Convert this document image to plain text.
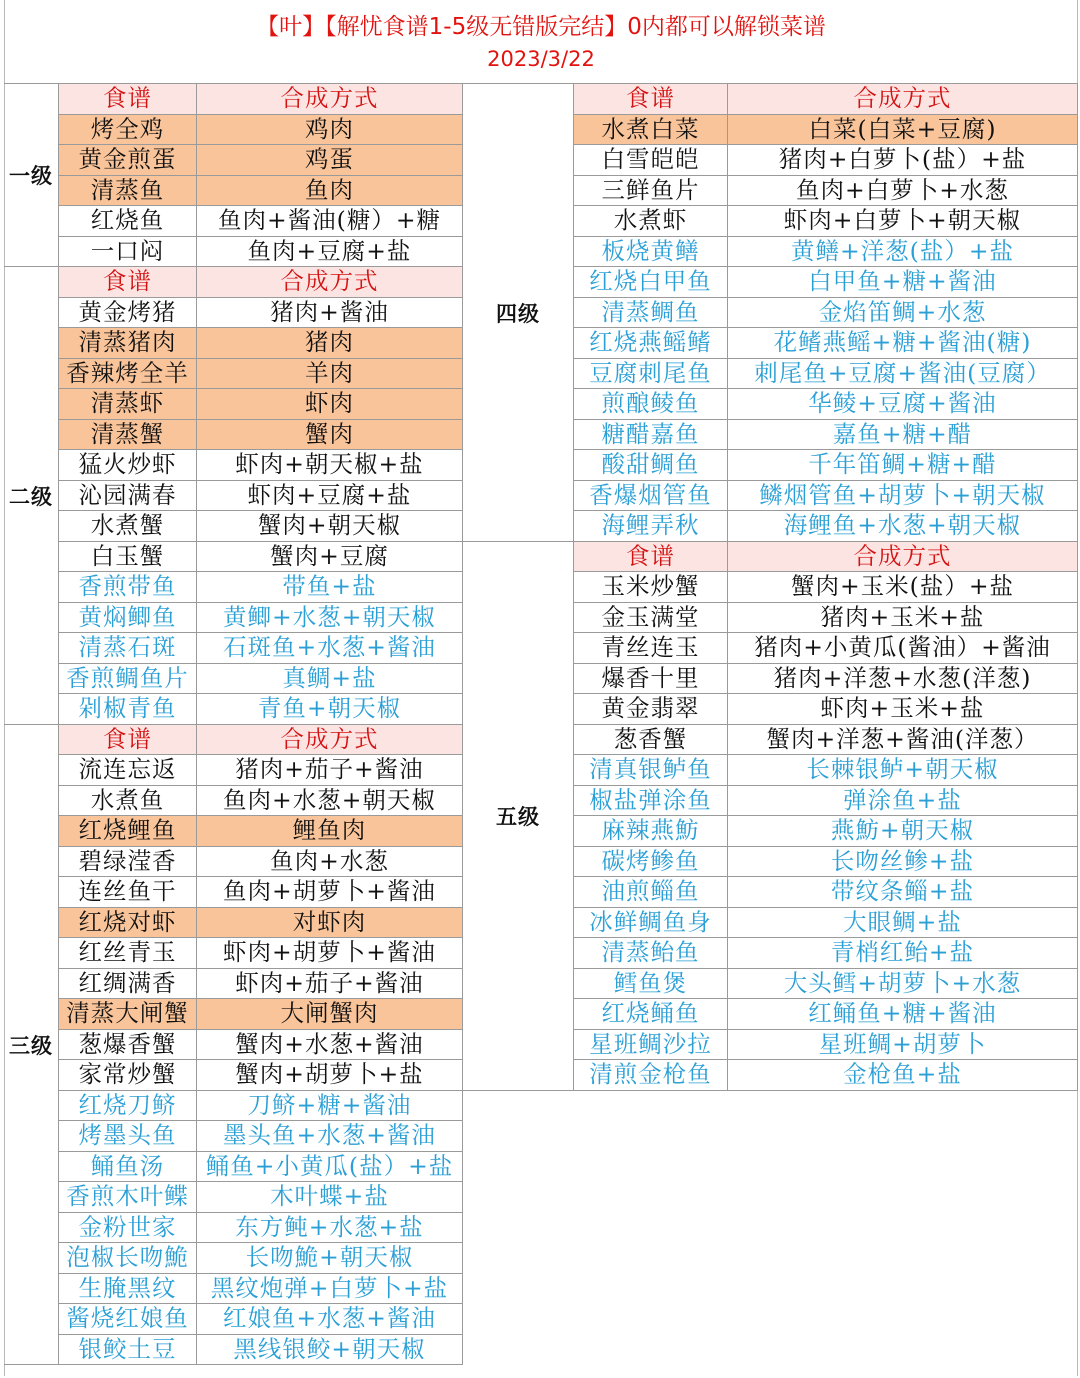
【叶】【解忧食谱1-5级无错版完结】0内都可以解锁菜谱
2023/3/22
食谱	合成方式
烤全鸡	鸡肉
黄金煎蛋	鸡蛋
清蒸鱼	鱼肉
红烧鱼	鱼肉+酱油(糖）+糖
一口闷	鱼肉+豆腐+盐
一级
食谱	合成方式
黄金烤猪	猪肉+酱油
清蒸猪肉	猪肉
香辣烤全羊	羊肉
清蒸虾	虾肉
清蒸蟹	蟹肉
猛火炒虾	虾肉+朝天椒+盐
沁园满春	虾肉+豆腐+盐
水煮蟹	蟹肉+朝天椒
白玉蟹	蟹肉+豆腐
香煎带鱼	带鱼+盐
黄焖鲫鱼	黄鲫+水葱+朝天椒
清蒸石斑	石斑鱼+水葱+酱油
香煎鲷鱼片	真鲷+盐
剁椒青鱼	青鱼+朝天椒
二级
食谱	合成方式
流连忘返	猪肉+茄子+酱油
水煮鱼	鱼肉+水葱+朝天椒
红烧鲤鱼	鲤鱼肉
碧绿滢香	鱼肉+水葱
连丝鱼干	鱼肉+胡萝卜+酱油
红烧对虾	对虾肉
红丝青玉	虾肉+胡萝卜+酱油
红绸满香	虾肉+茄子+酱油
清蒸大闸蟹	大闸蟹肉
葱爆香蟹	蟹肉+水葱+酱油
家常炒蟹	蟹肉+胡萝卜+盐
红烧刀鲚	刀鲚+糖+酱油
烤墨头鱼	墨头鱼+水葱+酱油
鲬鱼汤	鲬鱼+小黄瓜(盐）+盐
香煎木叶鲽	木叶蝶+盐
金粉世家	东方鲀+水葱+盐
泡椒长吻鮠	长吻鮠+朝天椒
生腌黑纹	黑纹炮弹+白萝卜+盐
酱烧红娘鱼	红娘鱼+水葱+酱油
银鲛土豆	黑线银鲛+朝天椒
三级
食谱	合成方式
水煮白菜	白菜(白菜+豆腐)
白雪皑皑	猪肉+白萝卜(盐）+盐
三鲜鱼片	鱼肉+白萝卜+水葱
水煮虾	虾肉+白萝卜+朝天椒
板烧黄鳝	黄鳝+洋葱(盐）+盐
红烧白甲鱼	白甲鱼+糖+酱油
清蒸鲷鱼	金焰笛鲷+水葱
红烧燕鳐鳍	花鳍燕鳐+糖+酱油(糖)
豆腐刺尾鱼	刺尾鱼+豆腐+酱油(豆腐）
煎酿鲮鱼	华鲮+豆腐+酱油
糖醋嘉鱼	嘉鱼+糖+醋
酸甜鲷鱼	千年笛鲷+糖+醋
香爆烟管鱼	鳞烟管鱼+胡萝卜+朝天椒
海鲤弄秋	海鲤鱼+水葱+朝天椒
四级
食谱	合成方式
玉米炒蟹	蟹肉+玉米(盐）+盐
金玉满堂	猪肉+玉米+盐
青丝连玉	猪肉+小黄瓜(酱油）+酱油
爆香十里	猪肉+洋葱+水葱(洋葱)
黄金翡翠	虾肉+玉米+盐
葱香蟹	蟹肉+洋葱+酱油(洋葱）
清真银鲈鱼	长棘银鲈+朝天椒
椒盐弹涂鱼	弹涂鱼+盐
麻辣燕魴	燕魴+朝天椒
碳烤鲹鱼	长吻丝鲹+盐
油煎鲻鱼	带纹条鲻+盐
冰鲜鲷鱼身	大眼鲷+盐
清蒸鲐鱼	青梢红鲐+盐
鳕鱼煲	大头鳕+胡萝卜+水葱
红烧鲬鱼	红鲬鱼+糖+酱油
星班鲷沙拉	星班鲷+胡萝卜
清煎金枪鱼	金枪鱼+盐
五级
